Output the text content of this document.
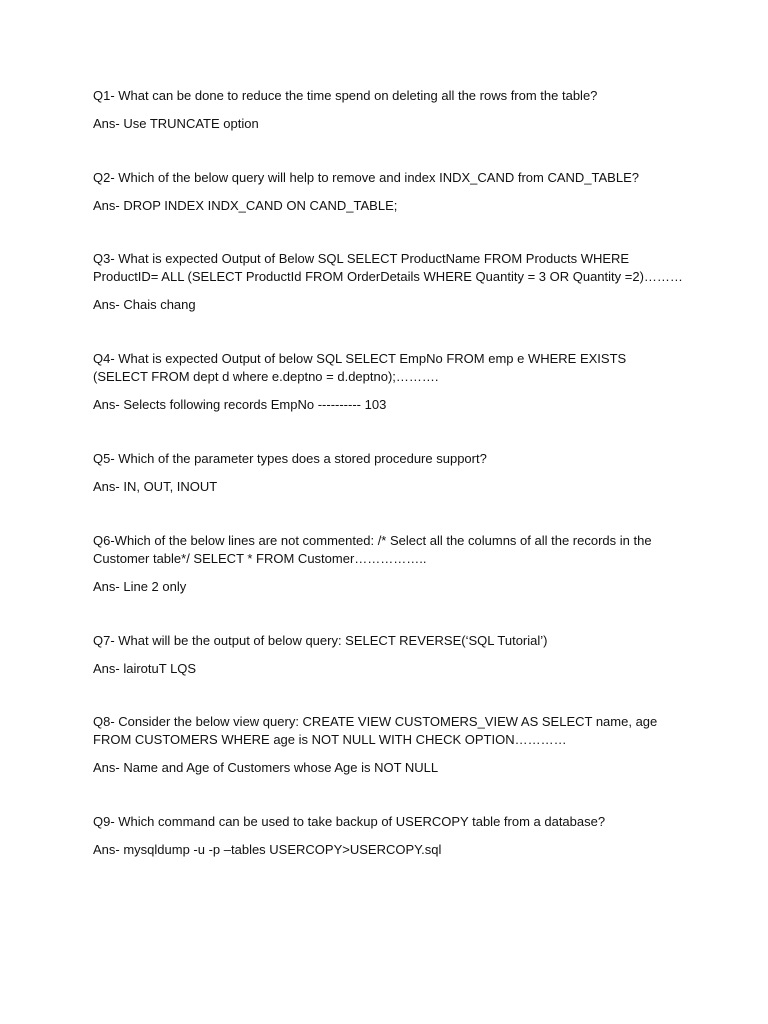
Q1- What can be done to reduce the time spend on deleting all the rows from the table?

Ans- Use TRUNCATE option

Q2- Which of the below query will help to remove and index INDX_CAND from CAND_TABLE?

Ans- DROP INDEX INDX_CAND ON CAND_TABLE;

Q3- What is expected Output of Below SQL SELECT ProductName FROM Products WHERE ProductID= ALL (SELECT ProductId FROM OrderDetails WHERE Quantity = 3 OR Quantity =2)………

Ans- Chais chang

Q4- What is expected Output of below SQL SELECT EmpNo FROM emp e WHERE EXISTS (SELECT FROM dept d where e.deptno = d.deptno);……….

Ans- Selects following records EmpNo ---------- 103

Q5- Which of the parameter types does a stored procedure support?

Ans- IN, OUT, INOUT

Q6-Which of the below lines are not commented: /* Select all the columns of all the records in the Customer table*/ SELECT * FROM Customer……………..

Ans- Line 2 only

Q7- What will be the output of below query: SELECT REVERSE(‘SQL Tutorial’)

Ans- lairotuT LQS

Q8- Consider the below view query: CREATE VIEW CUSTOMERS_VIEW AS SELECT name, age FROM CUSTOMERS WHERE age is NOT NULL WITH CHECK OPTION…………

Ans- Name and Age of Customers whose Age is NOT NULL

Q9- Which command can be used to take backup of USERCOPY table from a database?

Ans- mysqldump -u -p –tables USERCOPY>USERCOPY.sql
